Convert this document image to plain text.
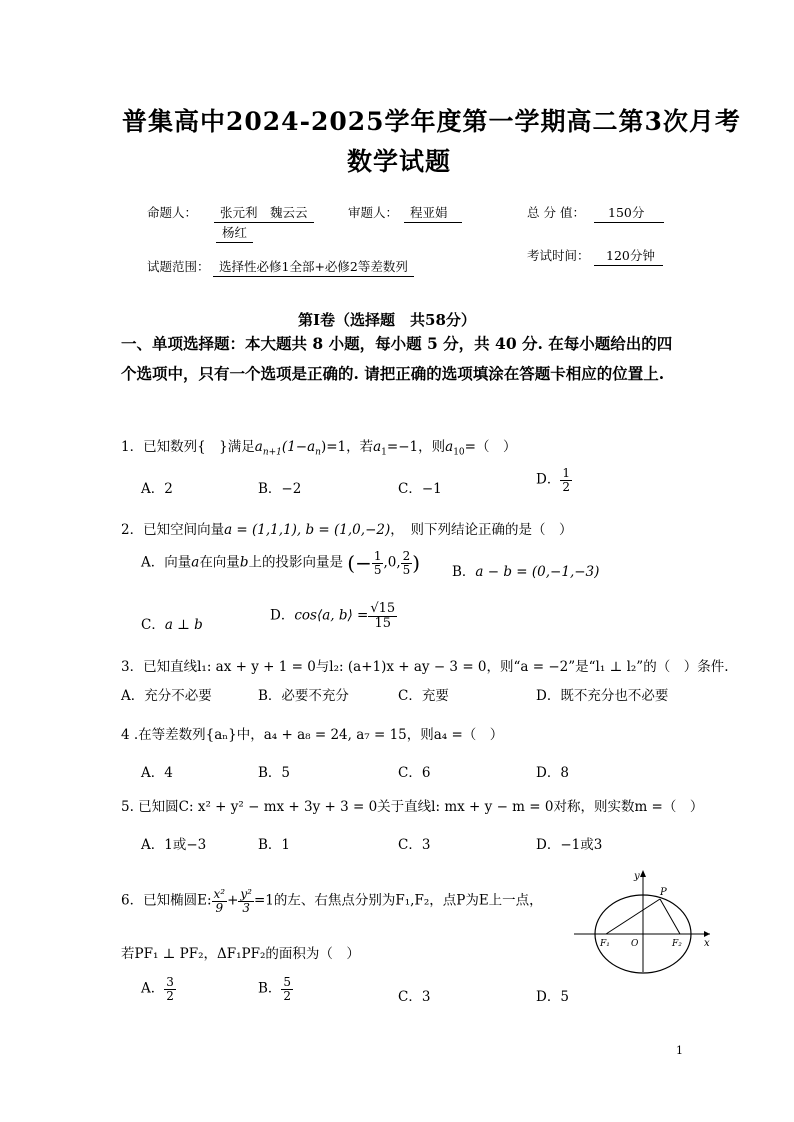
普集高中2024-2025学年度第一学期高二第3次月考
数学试题
命题人：	张元利　魏云云
杨红
审题人： 程亚娟	总 分 值：	150分
考试时间：	120分钟
试题范围： 选择性必修1全部+必修2等差数列
第Ⅰ卷（选择题　共58分）
一、单项选择题：本大题共 8 小题，每小题 5 分，共 40 分. 在每小题给出的四个选项中，只有一个选项是正确的. 请把正确的选项填涂在答题卡相应的位置上.
1．已知数列{　}满足$a_{n+1}(1-a_n)=1$，若$a_1=-1$，则$a_{10}=$（　）
A．2	B．−2	C．−1
D． $\frac{1}{2}$
2．已知空间向量a = (1,1,1), b = (1,0,−2)，　则下列结论正确的是（　）
A．向量a在向量b上的投影向量是 (− $\frac{1}{5} ,0$, $\frac{2}{5}$ ) B．a − b = (0,−1,−3)
C．a ⊥ b
D．cos⟨a, b⟩ = $\frac{√15}{15}$
3．已知直线l₁: ax + y + 1 = 0与l₂: (a+1)x + ay − 3 = 0，则“a = −2”是“l₁ ⊥ l₂”的（　）条件.
A．充分不必要	B．必要不充分	C．充要	D．既不充分也不必要
4 .在等差数列{aₙ}中，a₄ + a₈ = 24, a₇ = 15，则a₄ =（　）
A．4	B．5	C．6	D．8
5. 已知圆C: x² + y² − mx + 3y + 3 = 0关于直线l: mx + y − m = 0对称，则实数m =（　）
A．1或−3	B．1	C．3	D．−1或3
6．已知椭圆E: $\frac{\text{x²}}{9} + \frac{\text{y²}}{3} =1$的左、右焦点分别为F₁,F₂，点P为E上一点，
若PF₁ ⊥ PF₂，ΔF₁PF₂的面积为（　）
A． $\frac{3}{2}$	B． $\frac{5}{2}$	C．3	D．5
y
x
P
F₁ O	F₂
1
